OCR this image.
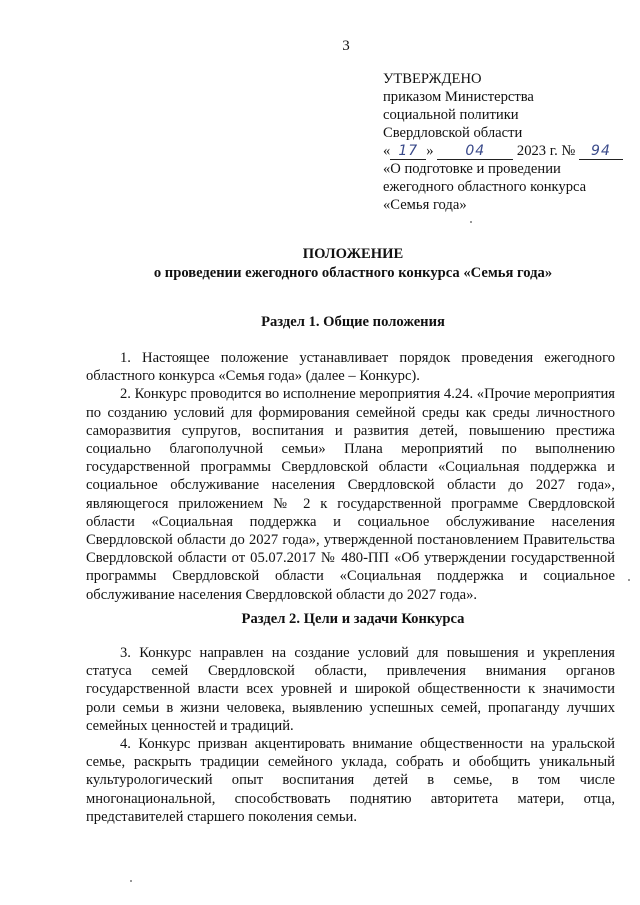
3
УТВЕРЖДЕНО
приказом Министерства
социальной политики
Свердловской области
« 17 » 04 2023 г. № 94
«О подготовке и проведении
ежегодного областного конкурса
«Семья года»
ПОЛОЖЕНИЕ
о проведении ежегодного областного конкурса «Семья года»
Раздел 1. Общие положения

1. Настоящее положение устанавливает порядок проведения ежегодного областного конкурса «Семья года» (далее – Конкурс).

2. Конкурс проводится во исполнение мероприятия 4.24. «Прочие мероприятия по созданию условий для формирования семейной среды как среды личностного саморазвития супругов, воспитания и развития детей, повышению престижа социально благополучной семьи» Плана мероприятий по выполнению государственной программы Свердловской области «Социальная поддержка и социальное обслуживание населения Свердловской области до 2027 года», являющегося приложением № 2 к государственной программе Свердловской области «Социальная поддержка и социальное обслуживание населения Свердловской области до 2027 года», утвержденной постановлением Правительства Свердловской области от 05.07.2017 № 480-ПП «Об утверждении государственной программы Свердловской области «Социальная поддержка и социальное обслуживание населения Свердловской области до 2027 года».

Раздел 2. Цели и задачи Конкурса

3. Конкурс направлен на создание условий для повышения и укрепления статуса семей Свердловской области, привлечения внимания органов государственной власти всех уровней и широкой общественности к значимости роли семьи в жизни человека, выявлению успешных семей, пропаганду лучших семейных ценностей и традиций.

4. Конкурс призван акцентировать внимание общественности на уральской семье, раскрыть традиции семейного уклада, собрать и обобщить уникальный культурологический опыт воспитания детей в семье, в том числе многонациональной, способствовать поднятию авторитета матери, отца, представителей старшего поколения семьи.
